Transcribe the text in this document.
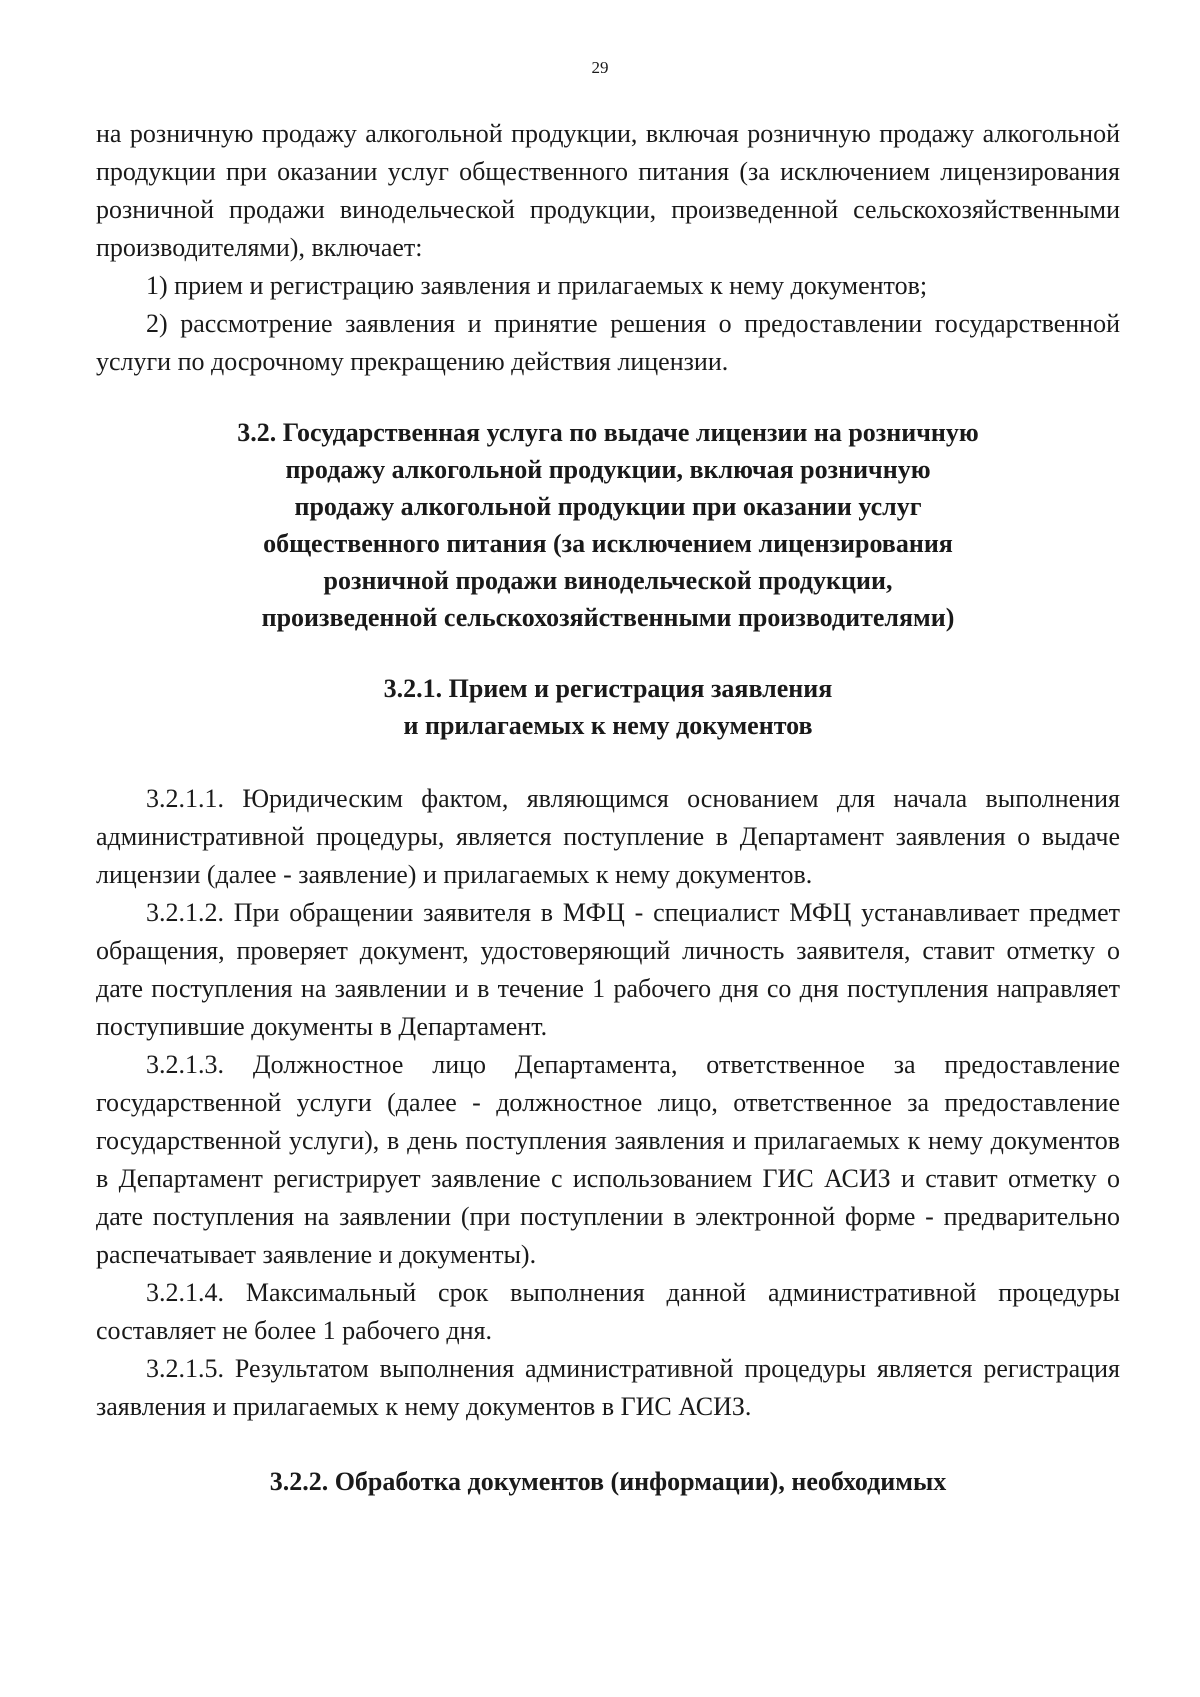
29

на розничную продажу алкогольной продукции, включая розничную продажу алкогольной продукции при оказании услуг общественного питания (за исключением лицензирования розничной продажи винодельческой продукции, произведенной сельскохозяйственными производителями), включает:

1) прием и регистрацию заявления и прилагаемых к нему документов;

2) рассмотрение заявления и принятие решения о предоставлении государственной услуги по досрочному прекращению действия лицензии.

3.2. Государственная услуга по выдаче лицензии на розничную
продажу алкогольной продукции, включая розничную
продажу алкогольной продукции при оказании услуг
общественного питания (за исключением лицензирования
розничной продажи винодельческой продукции,
произведенной сельскохозяйственными производителями)
3.2.1. Прием и регистрация заявления
и прилагаемых к нему документов

3.2.1.1. Юридическим фактом, являющимся основанием для начала выполнения административной процедуры, является поступление в Департамент заявления о выдаче лицензии (далее - заявление) и прилагаемых к нему документов.

3.2.1.2. При обращении заявителя в МФЦ - специалист МФЦ устанавливает предмет обращения, проверяет документ, удостоверяющий личность заявителя, ставит отметку о дате поступления на заявлении и в течение 1 рабочего дня со дня поступления направляет поступившие документы в Департамент.

3.2.1.3. Должностное лицо Департамента, ответственное за предоставление государственной услуги (далее - должностное лицо, ответственное за предоставление государственной услуги), в день поступления заявления и прилагаемых к нему документов в Департамент регистрирует заявление с использованием ГИС АСИЗ и ставит отметку о дате поступления на заявлении (при поступлении в электронной форме - предварительно распечатывает заявление и документы).

3.2.1.4. Максимальный срок выполнения данной административной процедуры составляет не более 1 рабочего дня.

3.2.1.5. Результатом выполнения административной процедуры является регистрация заявления и прилагаемых к нему документов в ГИС АСИЗ.

3.2.2. Обработка документов (информации), необходимых
